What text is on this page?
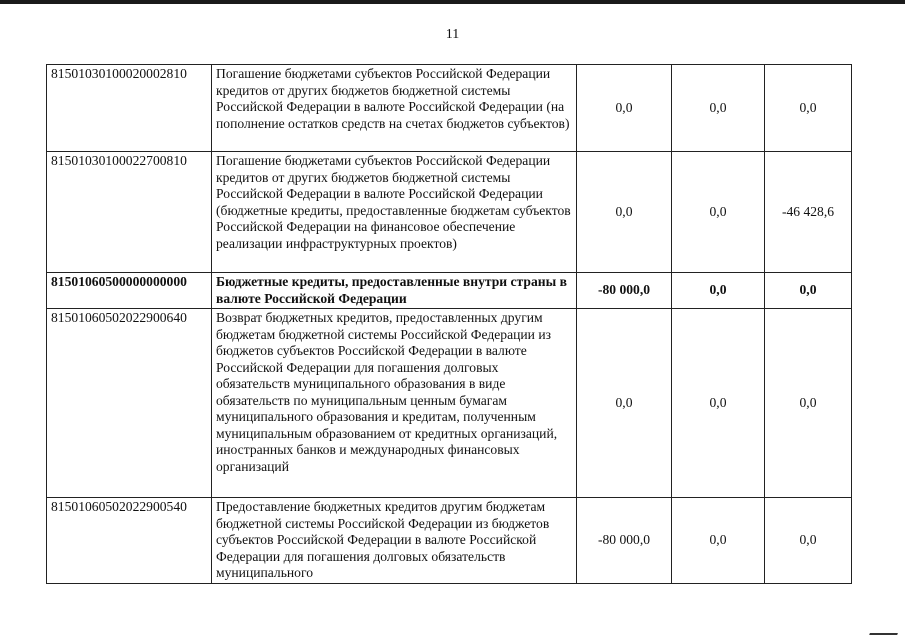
11
81501030100020002810	Погашение бюджетами субъектов Российской Федерации кредитов от других бюджетов бюджетной системы Российской Федерации в валюте Российской Федерации (на пополнение остатков средств на счетах бюджетов субъектов)	0,0	0,0	0,0
81501030100022700810	Погашение бюджетами субъектов Российской Федерации кредитов от других бюджетов бюджетной системы Российской Федерации в валюте Российской Федерации (бюджетные кредиты, предоставленные бюджетам субъектов Российской Федерации на финансовое обеспечение реализации инфраструктурных проектов)	0,0	0,0	-46 428,6
81501060500000000000	Бюджетные кредиты, предоставленные внутри страны в валюте Российской Федерации	-80 000,0	0,0	0,0
81501060502022900640	Возврат бюджетных кредитов, предоставленных другим бюджетам бюджетной системы Российской Федерации из бюджетов субъектов Российской Федерации в валюте Российской Федерации для погашения долговых обязательств муниципального образования в виде обязательств по муниципальным ценным бумагам муниципального образования и кредитам, полученным муниципальным образованием от кредитных организаций, иностранных банков и международных финансовых организаций	0,0	0,0	0,0
81501060502022900540	Предоставление бюджетных кредитов другим бюджетам бюджетной системы Российской Федерации из бюджетов субъектов Российской Федерации в валюте Российской Федерации для погашения долговых обязательств муниципального	-80 000,0	0,0	0,0
